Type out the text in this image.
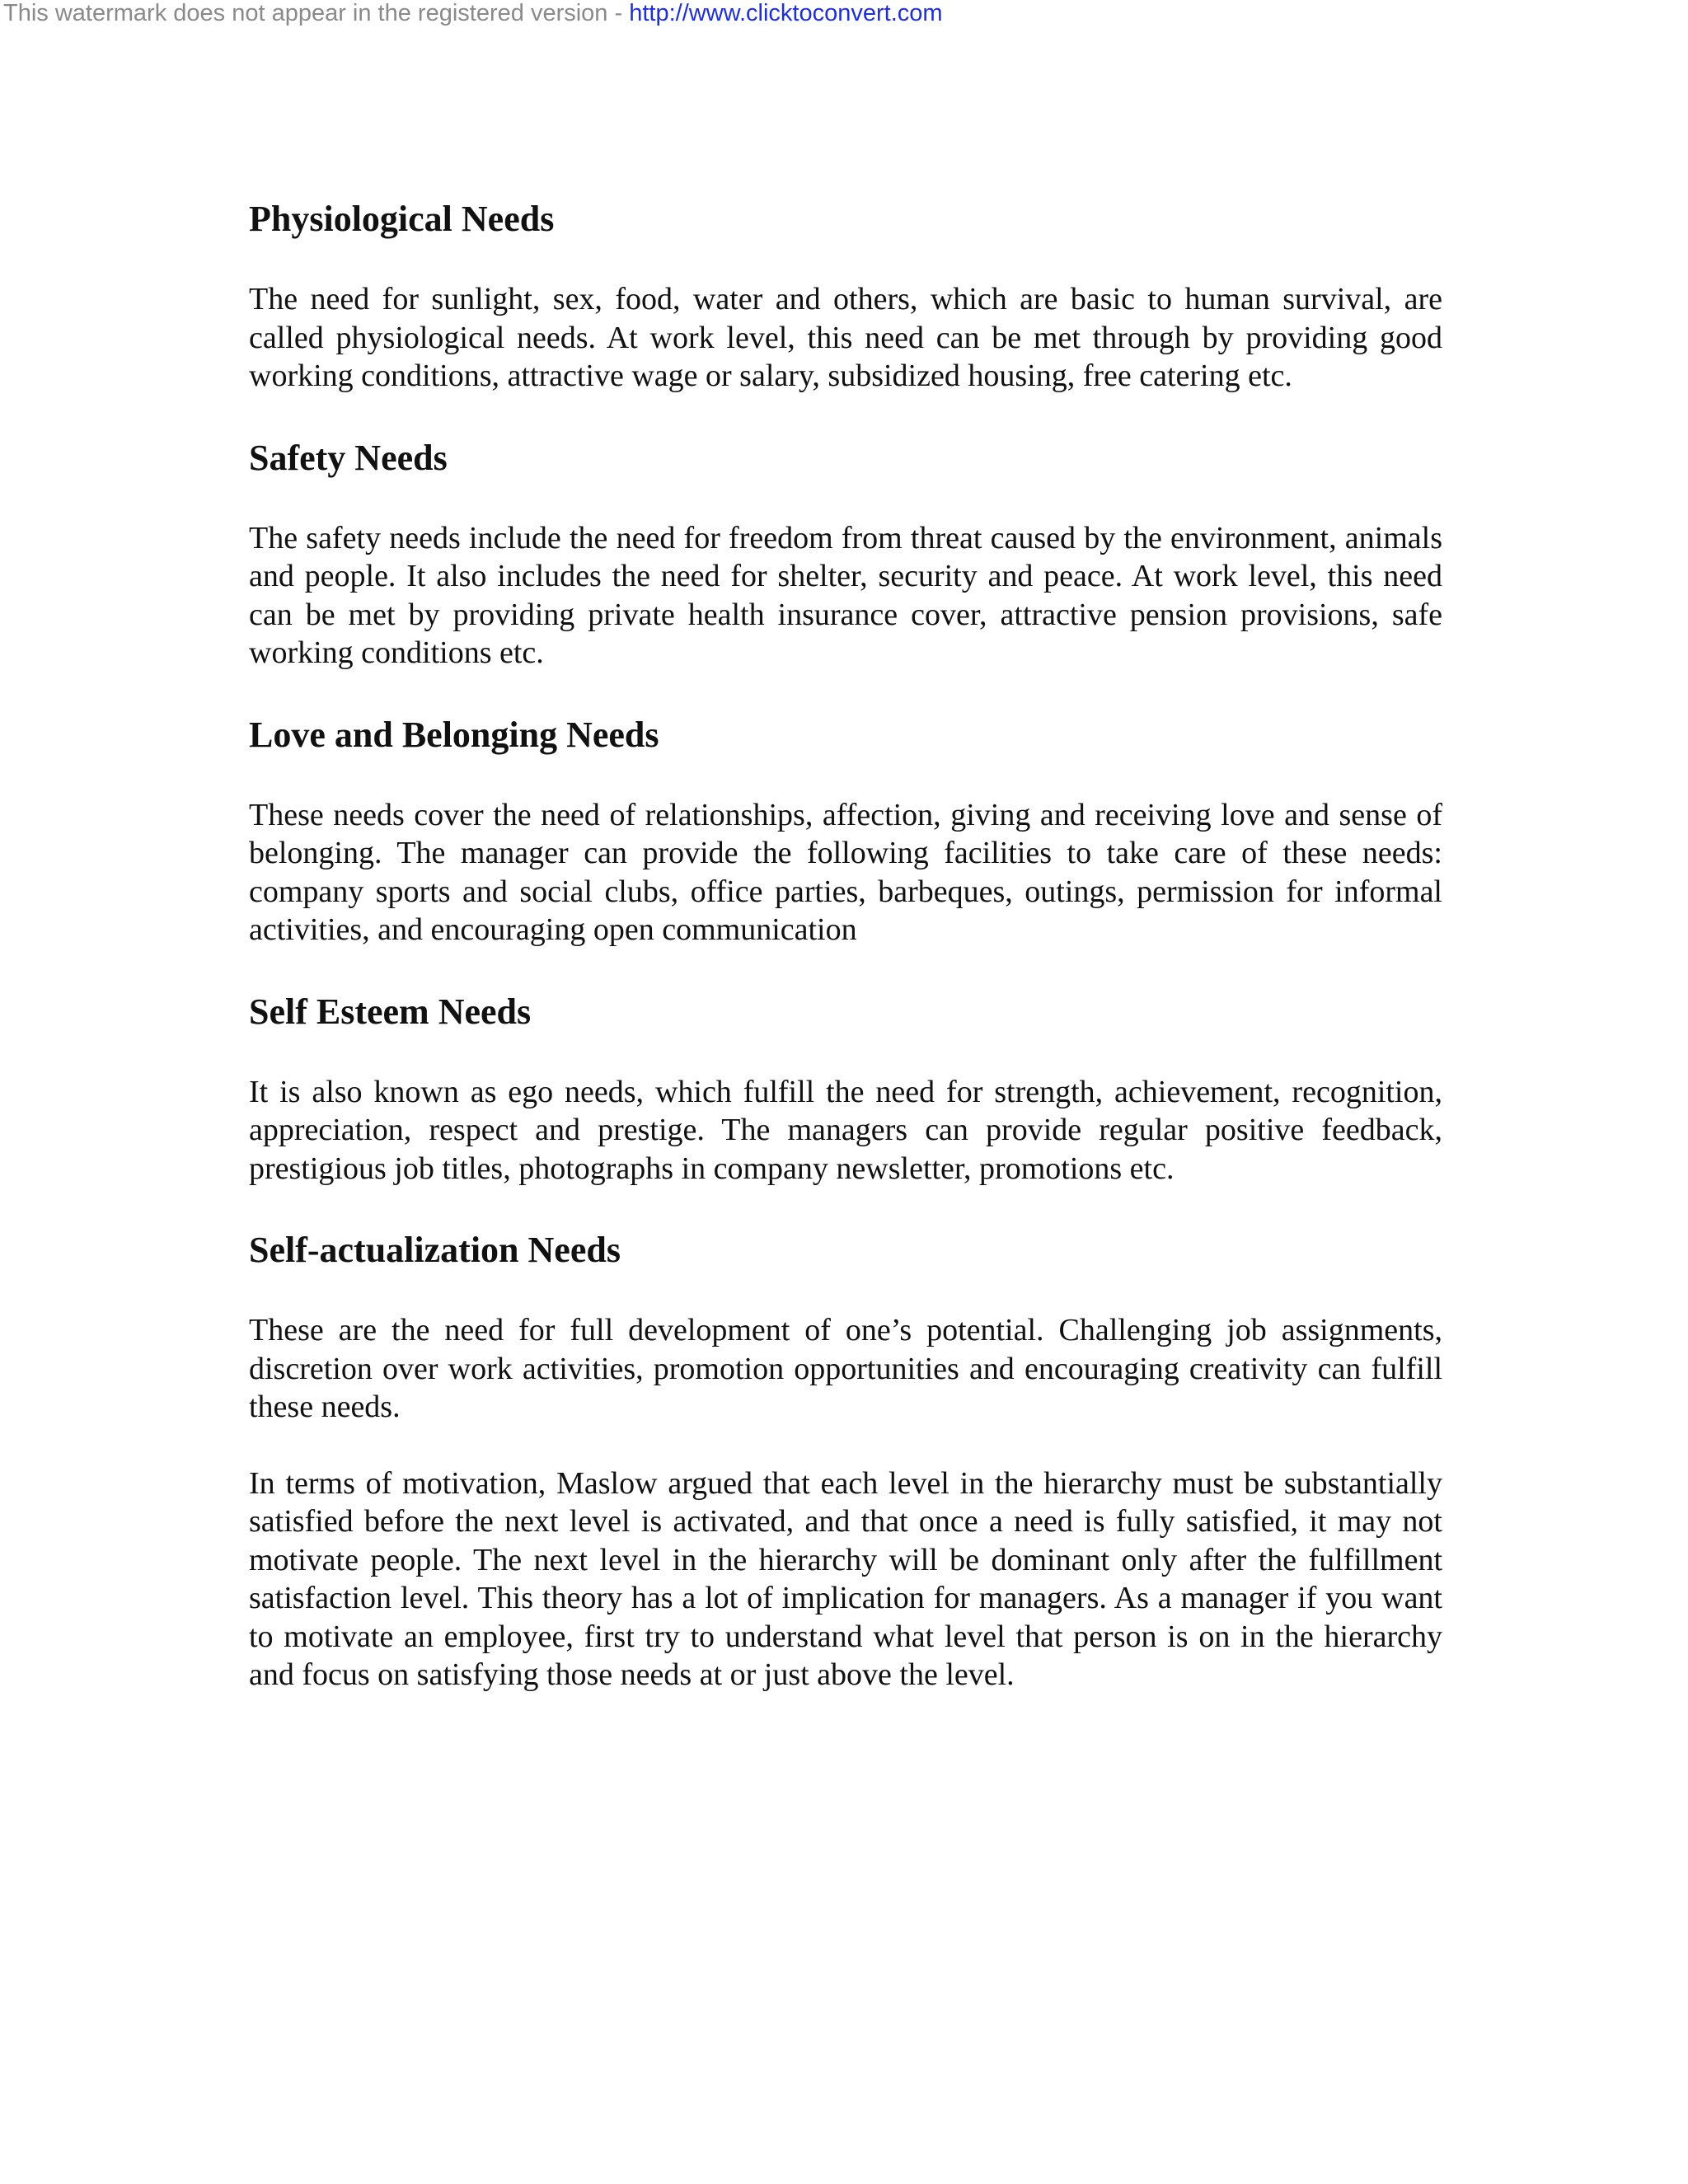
This watermark does not appear in the registered version - http://www.clicktoconvert.com
Physiological Needs

The need for sunlight, sex, food, water and others, which are basic to human survival, are called physiological needs. At work level, this need can be met through by providing good working conditions, attractive wage or salary, subsidized housing, free catering etc.

Safety Needs

The safety needs include the need for freedom from threat caused by the environment, animals and people. It also includes the need for shelter, security and peace. At work level, this need can be met by providing private health insurance cover, attractive pension provisions, safe working conditions etc.

Love and Belonging Needs

These needs cover the need of relationships, affection, giving and receiving love and sense of belonging. The manager can provide the following facilities to take care of these needs: company sports and social clubs, office parties, barbeques, outings, permission for informal activities, and encouraging open communication

Self Esteem Needs

It is also known as ego needs, which fulfill the need for strength, achievement, recognition, appreciation, respect and prestige. The managers can provide regular positive feedback, prestigious job titles, photographs in company newsletter, promotions etc.

Self-actualization Needs

These are the need for full development of one’s potential. Challenging job assignments, discretion over work activities, promotion opportunities and encouraging creativity can fulfill these needs.

In terms of motivation, Maslow argued that each level in the hierarchy must be substantially satisfied before the next level is activated, and that once a need is fully satisfied, it may not motivate people. The next level in the hierarchy will be dominant only after the fulfillment satisfaction level. This theory has a lot of implication for managers. As a manager if you want to motivate an employee, first try to understand what level that person is on in the hierarchy and focus on satisfying those needs at or just above the level.
